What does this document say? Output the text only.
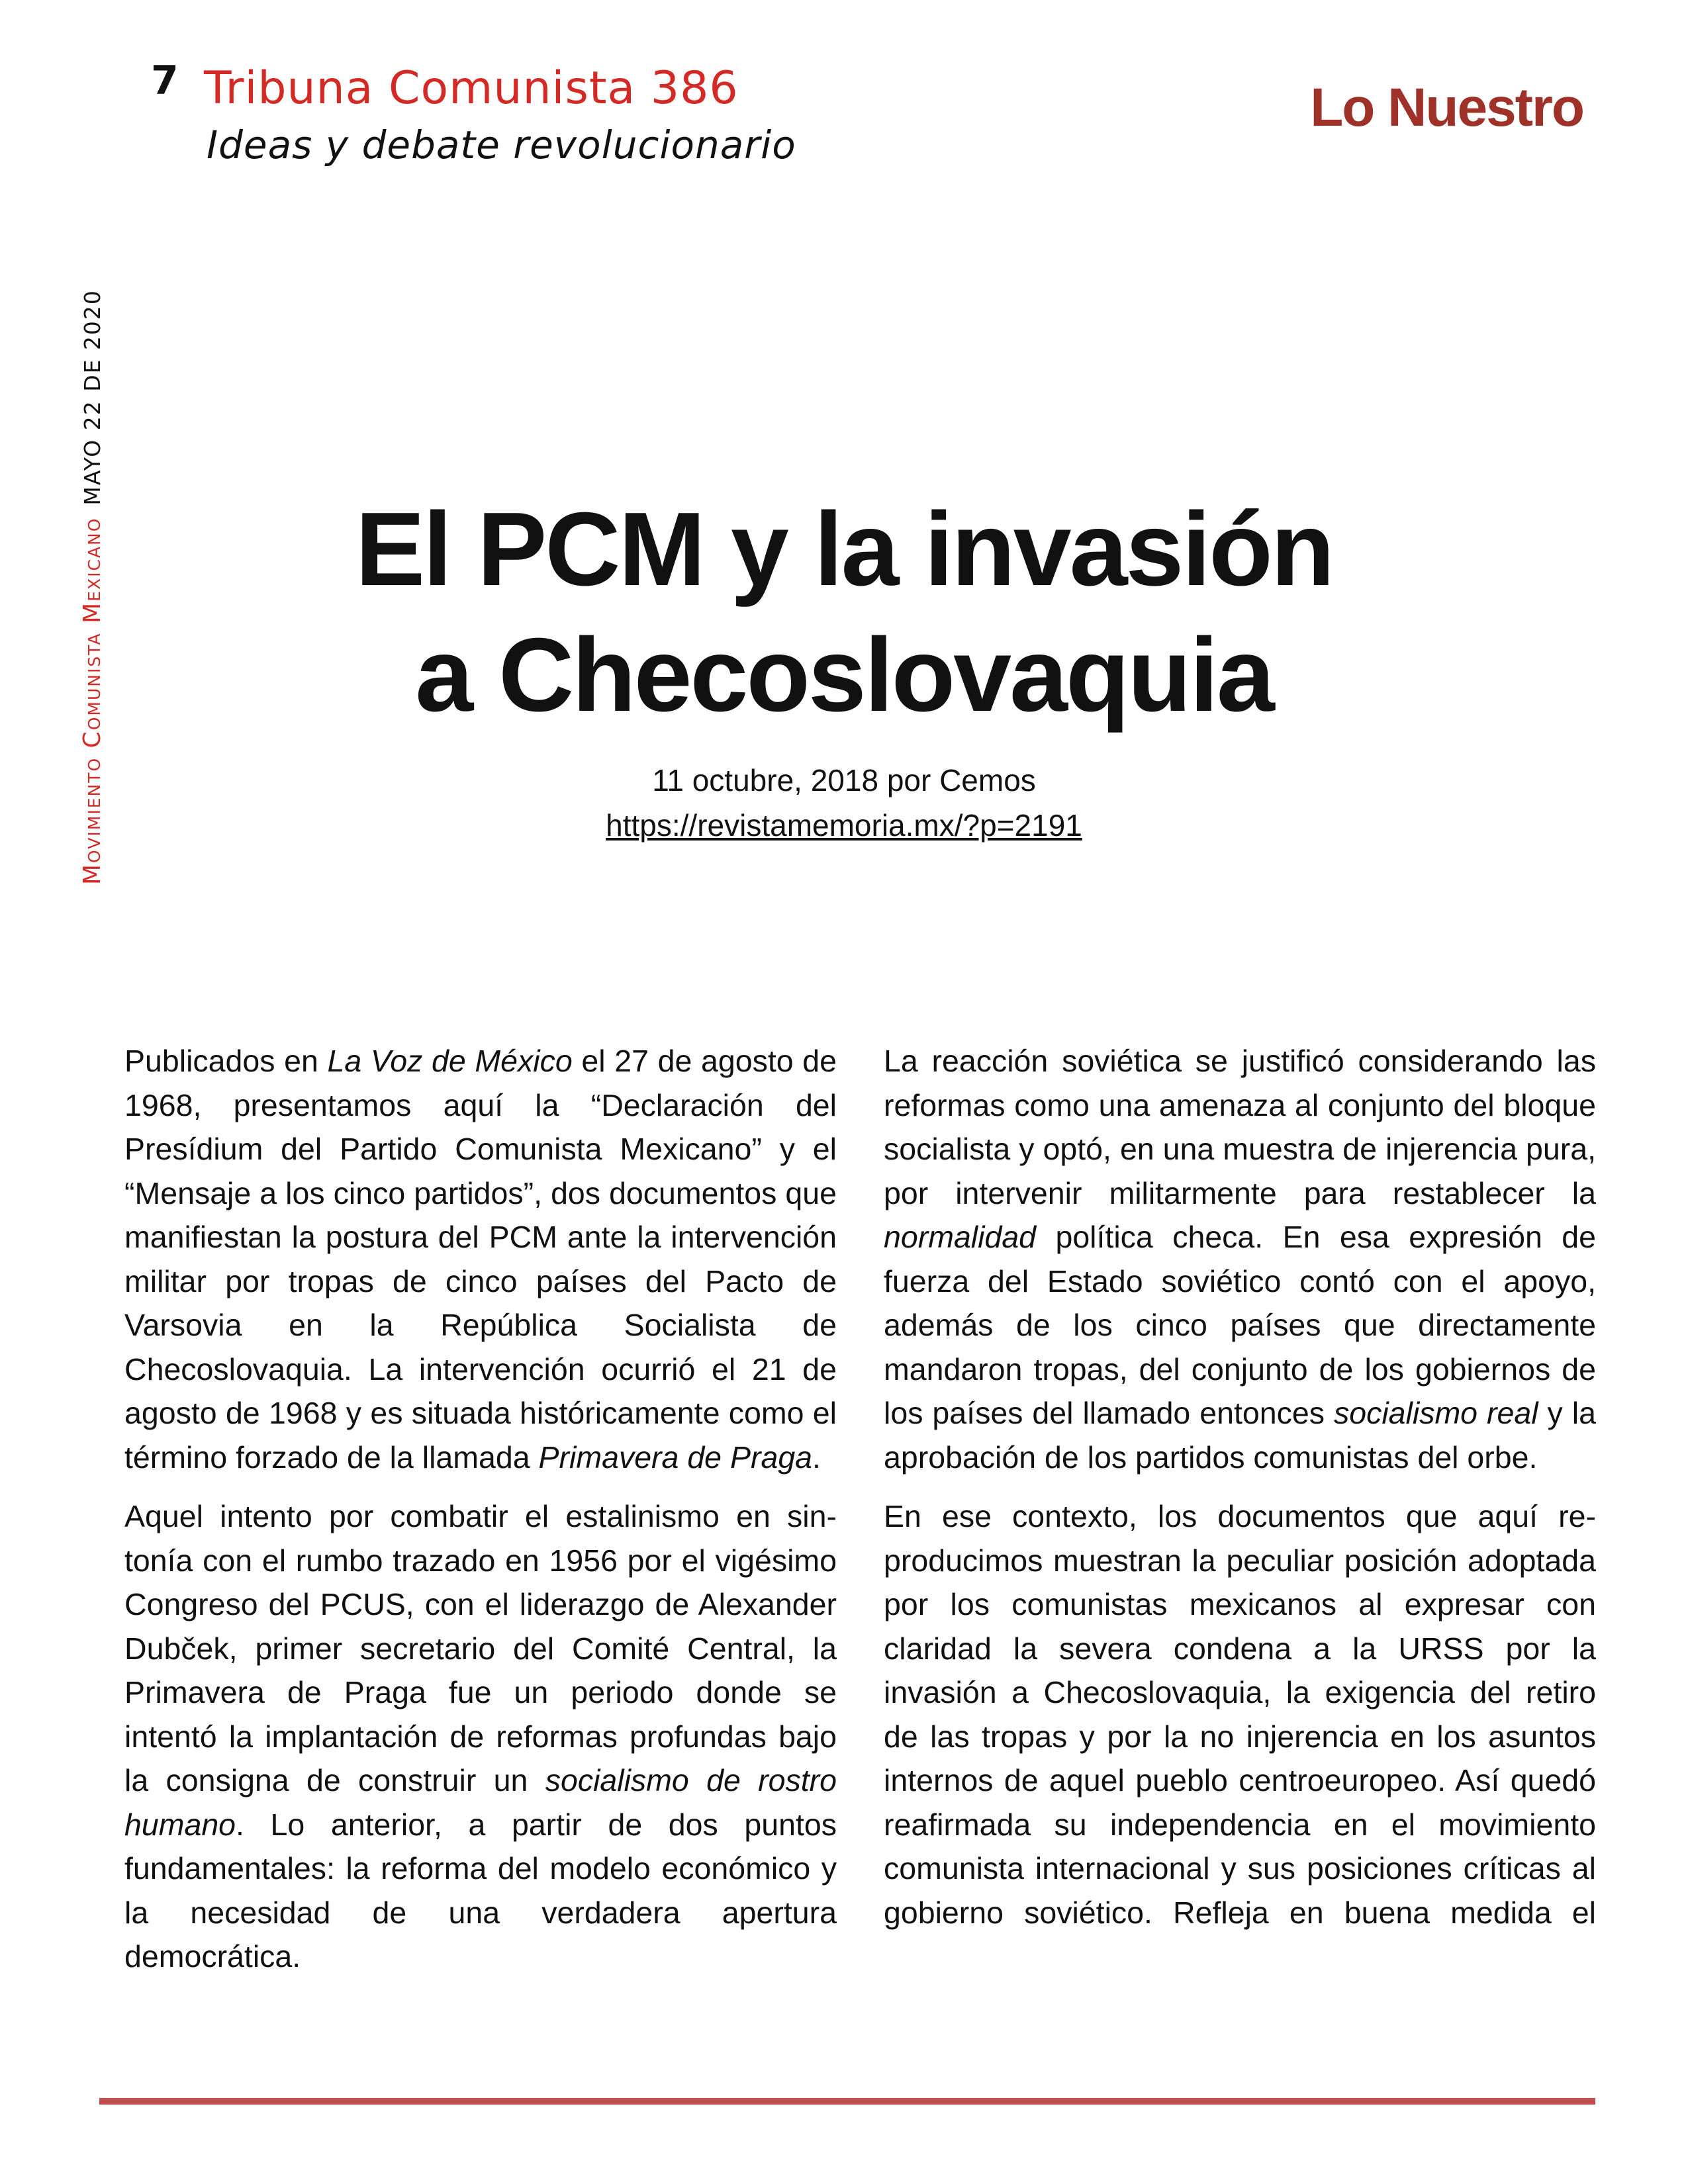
7 Tribuna Comunista 386
Ideas y debate revolucionario
Lo Nuestro
Movimiento Comunista MexicanoMAYO 22 DE 2020
El PCM y la invasión
a Checoslovaquia
11 octubre, 2018 por Cemos
https://revistamemoria.mx/?p=2191

Publicados en La Voz de México el 27 de agosto de 1968, presentamos aquí la “Declaración del Presídium del Partido Comunista Mexicano” y el “Mensaje a los cinco partidos”, dos documentos que manifiestan la postura del PCM ante la intervención militar por tropas de cinco países del Pacto de Varsovia en la República Socialista de Checoslovaquia. La intervención ocurrió el 21 de agosto de 1968 y es situada históricamente como el término forzado de la llamada Primavera de Praga.

Aquel intento por combatir el estalinismo en sintonía con el rumbo trazado en 1956 por el vigésimo Congreso del PCUS, con el liderazgo de Alexander Dubček, primer secretario del Comité Central, la Primavera de Praga fue un periodo donde se intentó la implantación de reformas profundas bajo la consigna de construir un socialismo de rostro humano. Lo anterior, a partir de dos puntos fundamentales: la reforma del modelo económico y la necesidad de una verdadera apertura democrática.

La reacción soviética se justificó considerando las reformas como una amenaza al conjunto del bloque socialista y optó, en una muestra de injerencia pura, por intervenir militarmente para restablecer la normalidad política checa. En esa expresión de fuerza del Estado soviético contó con el apoyo, además de los cinco países que directamente mandaron tropas, del conjunto de los gobiernos de los países del llamado entonces socialismo real y la aprobación de los partidos comunistas del orbe.

En ese contexto, los documentos que aquí reproducimos muestran la peculiar posición adoptada por los comunistas mexicanos al expresar con claridad la severa condena a la URSS por la invasión a Checoslovaquia, la exigencia del retiro de las tropas y por la no injerencia en los asuntos internos de aquel pueblo centroeuropeo. Así quedó reafirmada su independencia en el movimiento comunista internacional y sus posiciones críticas al gobierno soviético. Refleja en buena medida el
